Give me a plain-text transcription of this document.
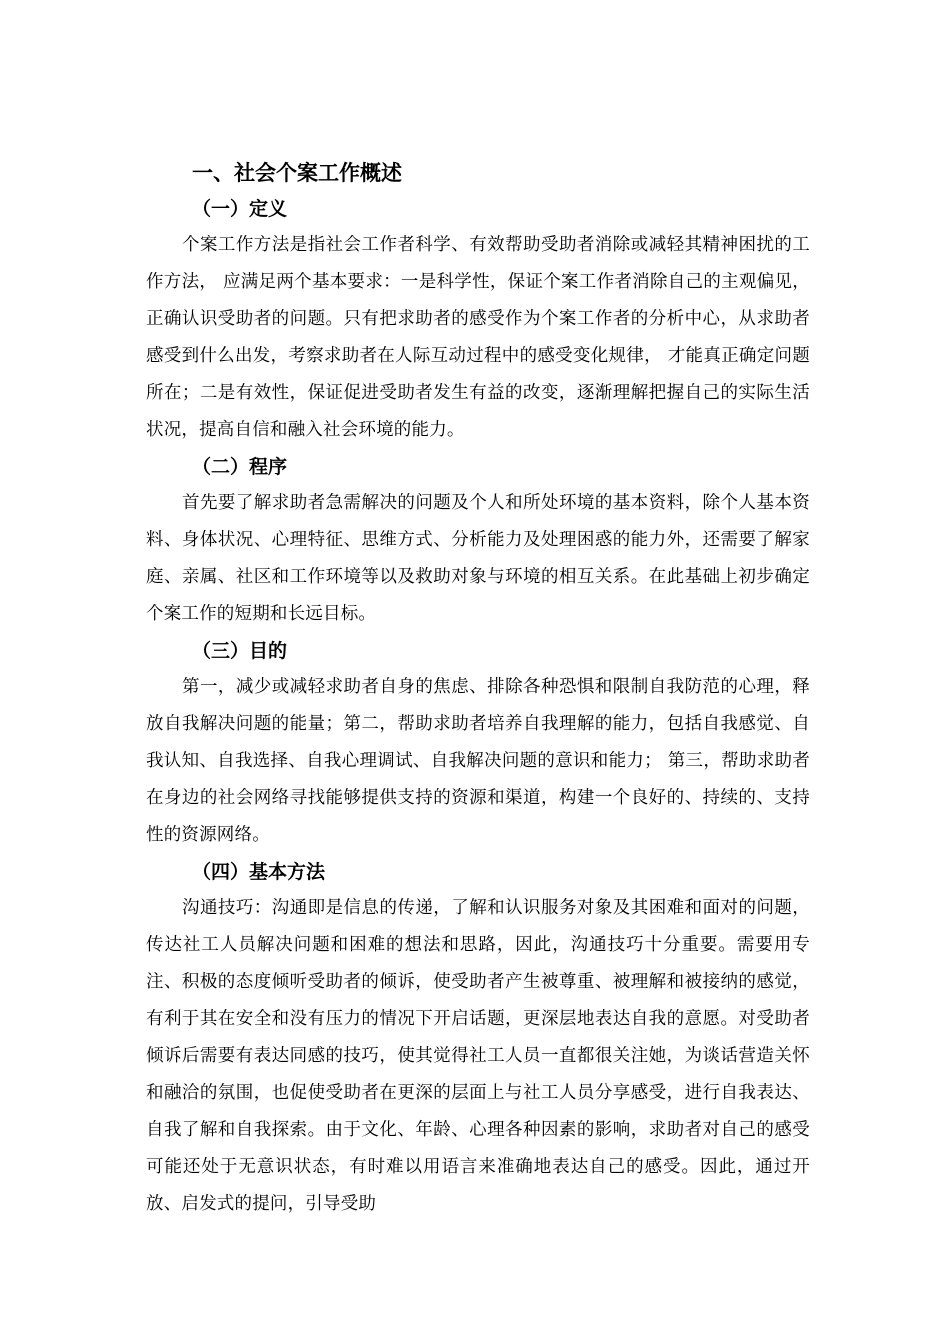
一、社会个案工作概述
（一）定义

个案工作方法是指社会工作者科学、有效帮助受助者消除或减轻其精神困扰的工作方法， 应满足两个基本要求：一是科学性，保证个案工作者消除自己的主观偏见，正确认识受助者的问题。只有把求助者的感受作为个案工作者的分析中心，从求助者感受到什么出发，考察求助者在人际互动过程中的感受变化规律， 才能真正确定问题所在；二是有效性，保证促进受助者发生有益的改变，逐渐理解把握自己的实际生活状况，提高自信和融入社会环境的能力。

（二）程序

首先要了解求助者急需解决的问题及个人和所处环境的基本资料，除个人基本资料、身体状况、心理特征、思维方式、分析能力及处理困惑的能力外，还需要了解家庭、亲属、社区和工作环境等以及救助对象与环境的相互关系。在此基础上初步确定个案工作的短期和长远目标。

（三）目的

第一，减少或减轻求助者自身的焦虑、排除各种恐惧和限制自我防范的心理，释放自我解决问题的能量；第二，帮助求助者培养自我理解的能力，包括自我感觉、自我认知、自我选择、自我心理调试、自我解决问题的意识和能力； 第三，帮助求助者在身边的社会网络寻找能够提供支持的资源和渠道，构建一个良好的、持续的、支持性的资源网络。

（四）基本方法

沟通技巧：沟通即是信息的传递，了解和认识服务对象及其困难和面对的问题，传达社工人员解决问题和困难的想法和思路，因此，沟通技巧十分重要。需要用专注、积极的态度倾听受助者的倾诉，使受助者产生被尊重、被理解和被接纳的感觉，有利于其在安全和没有压力的情况下开启话题，更深层地表达自我的意愿。对受助者倾诉后需要有表达同感的技巧，使其觉得社工人员一直都很关注她，为谈话营造关怀和融洽的氛围，也促使受助者在更深的层面上与社工人员分享感受，进行自我表达、自我了解和自我探索。由于文化、年龄、心理各种因素的影响，求助者对自己的感受可能还处于无意识状态，有时难以用语言来准确地表达自己的感受。因此，通过开放、启发式的提问，引导受助
